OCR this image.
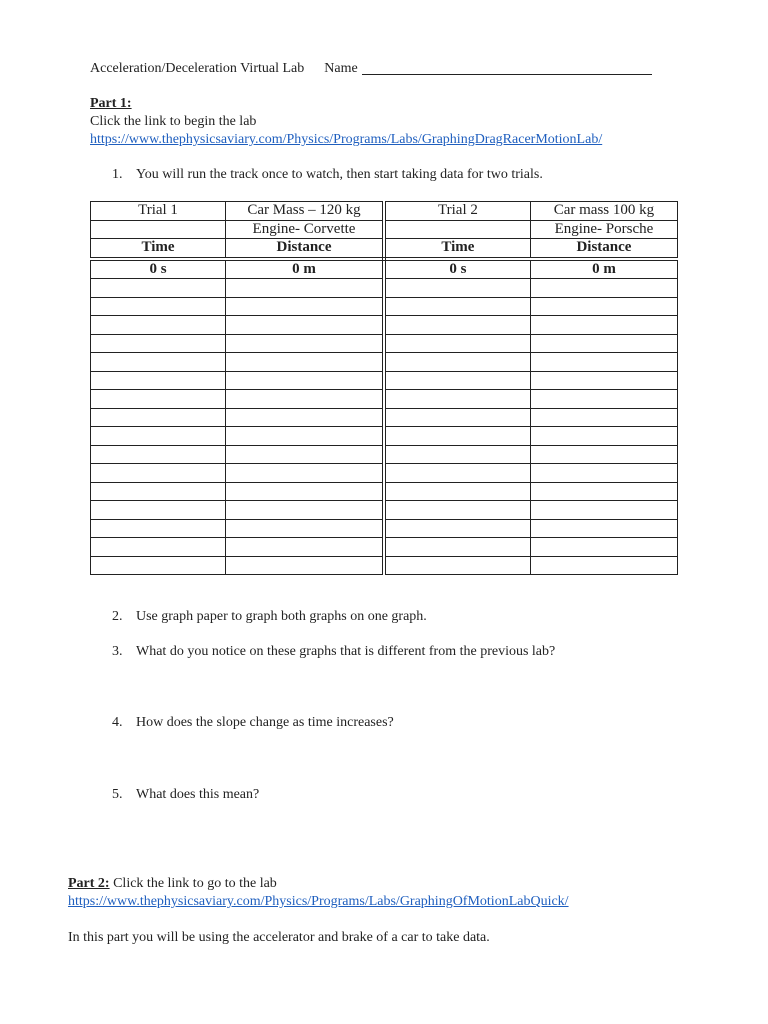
Acceleration/Deceleration Virtual Lab Name
Part 1:
Click the link to begin the lab
https://www.thephysicsaviary.com/Physics/Programs/Labs/GraphingDragRacerMotionLab/
1. You will run the track once to watch, then start taking data for two trials.
Trial 1	Car Mass – 120 kg	Trial 2	Car mass 100 kg
	Engine- Corvette		Engine- Porsche
Time	Distance	Time	Distance
0 s	0 m	0 s	0 m

2. Use graph paper to graph both graphs on one graph.
3. What do you notice on these graphs that is different from the previous lab?
4. How does the slope change as time increases?
5. What does this mean?
Part 2: Click the link to go to the lab
https://www.thephysicsaviary.com/Physics/Programs/Labs/GraphingOfMotionLabQuick/
In this part you will be using the accelerator and brake of a car to take data.
